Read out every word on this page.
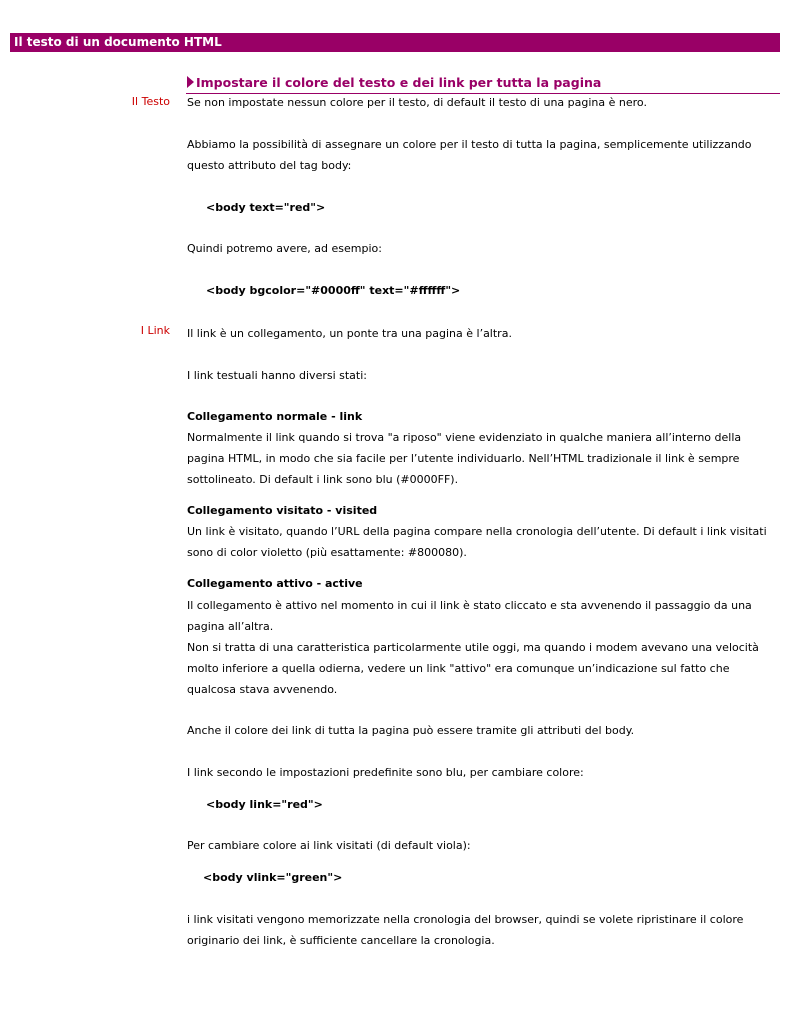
Il testo di un documento HTML
Impostare il colore del testo e dei link per tutta la pagina
Il Testo Se non impostate nessun colore per il testo, di default il testo di una pagina è nero.

Abbiamo la possibilità di assegnare un colore per il testo di tutta la pagina, semplicemente utilizzando questo attributo del tag body:

<body text="red">

Quindi potremo avere, ad esempio:

<body bgcolor="#0000ff" text="#ffffff">
I Link Il link è un collegamento, un ponte tra una pagina è l’altra.

I link testuali hanno diversi stati:

Collegamento normale - link

Normalmente il link quando si trova "a riposo" viene evidenziato in qualche maniera all’interno della pagina HTML, in modo che sia facile per l’utente individuarlo. Nell’HTML tradizionale il link è sempre sottolineato. Di default i link sono blu (#0000FF).

Collegamento visitato - visited

Un link è visitato, quando l’URL della pagina compare nella cronologia dell’utente. Di default i link visitati sono di color violetto (più esattamente: #800080).

Collegamento attivo - active

Il collegamento è attivo nel momento in cui il link è stato cliccato e sta avvenendo il passaggio da una pagina all’altra.

Non si tratta di una caratteristica particolarmente utile oggi, ma quando i modem avevano una velocità molto inferiore a quella odierna, vedere un link "attivo" era comunque un’indicazione sul fatto che qualcosa stava avvenendo.

Anche il colore dei link di tutta la pagina può essere tramite gli attributi del body.

I link secondo le impostazioni predefinite sono blu, per cambiare colore:

<body link="red">

Per cambiare colore ai link visitati (di default viola):

<body vlink="green">

i link visitati vengono memorizzate nella cronologia del browser, quindi se volete ripristinare il colore originario dei link, è sufficiente cancellare la cronologia.
